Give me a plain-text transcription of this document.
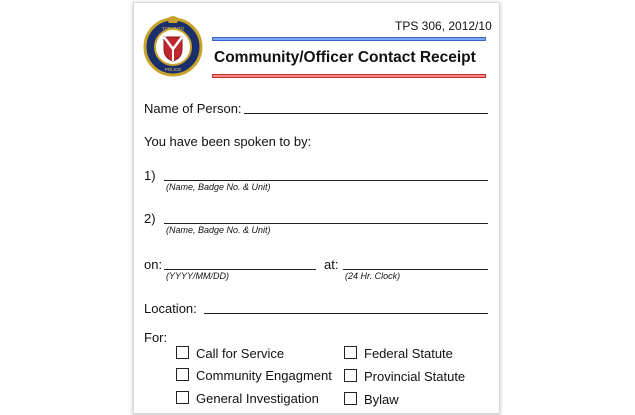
TORONTO
POLICE
TPS 306, 2012/10
Community/Officer Contact Receipt
Name of Person:
You have been spoken to by:
1)
(Name, Badge No. & Unit)
2)
(Name, Badge No. & Unit)
on:
(YYYY/MM/DD)
at:
(24 Hr. Clock)
Location:
For:
Call for Service
Community Engagment
General Investigation
Federal Statute
Provincial Statute
Bylaw
